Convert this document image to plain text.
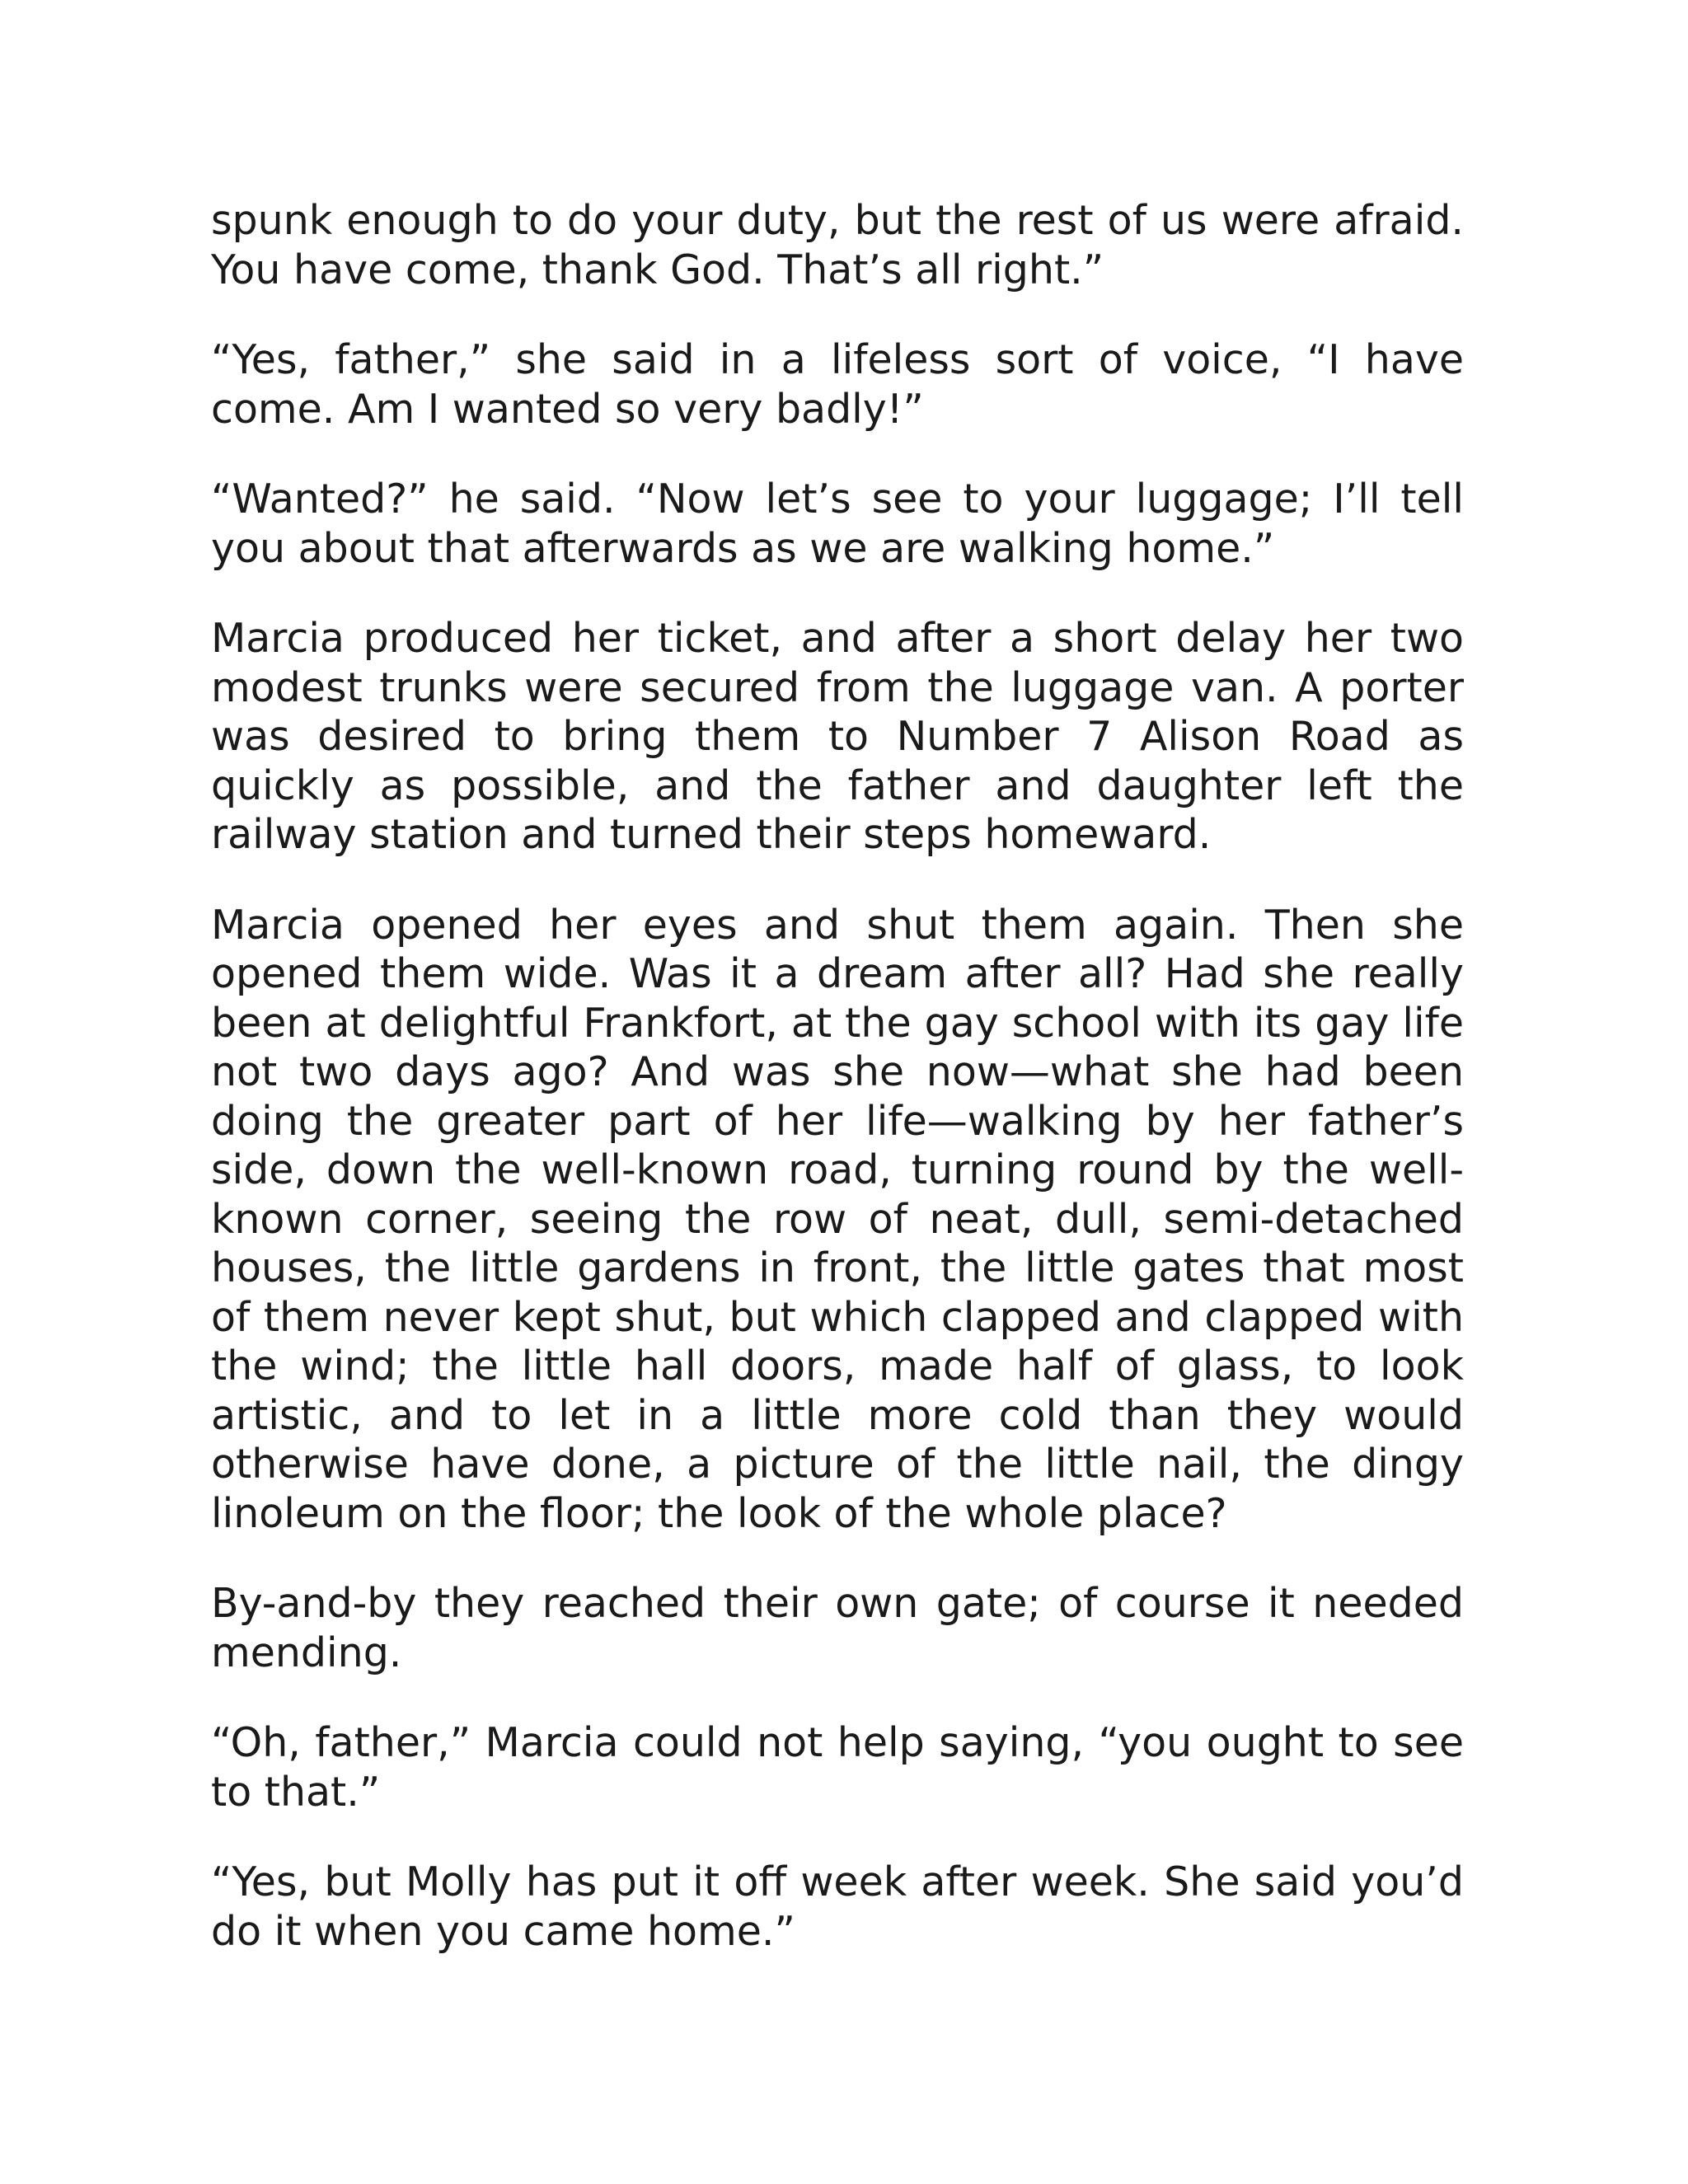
spunk enough to do your duty, but the rest of us were afraid. You have come, thank God. That’s all right.”

“Yes, father,” she said in a lifeless sort of voice, “I have come. Am I wanted so very badly!”

“Wanted?” he said. “Now let’s see to your luggage; I’ll tell you about that afterwards as we are walking home.”

Marcia produced her ticket, and after a short delay her two modest trunks were secured from the luggage van. A porter was desired to bring them to Number 7 Alison Road as quickly as possible, and the father and daughter left the railway station and turned their steps homeward.

Marcia opened her eyes and shut them again. Then she opened them wide. Was it a dream after all? Had she really been at delightful Frankfort, at the gay school with its gay life not two days ago? And was she now—what she had been doing the greater part of her life—walking by her father’s side, down the well-known road, turning round by the well-known corner, seeing the row of neat, dull, semi-detached houses, the little gardens in front, the little gates that most of them never kept shut, but which clapped and clapped with the wind; the little hall doors, made half of glass, to look artistic, and to let in a little more cold than they would otherwise have done, a picture of the little nail, the dingy linoleum on the floor; the look of the whole place?

By-and-by they reached their own gate; of course it needed mending.

“Oh, father,” Marcia could not help saying, “you ought to see to that.”

“Yes, but Molly has put it off week after week. She said you’d do it when you came home.”
